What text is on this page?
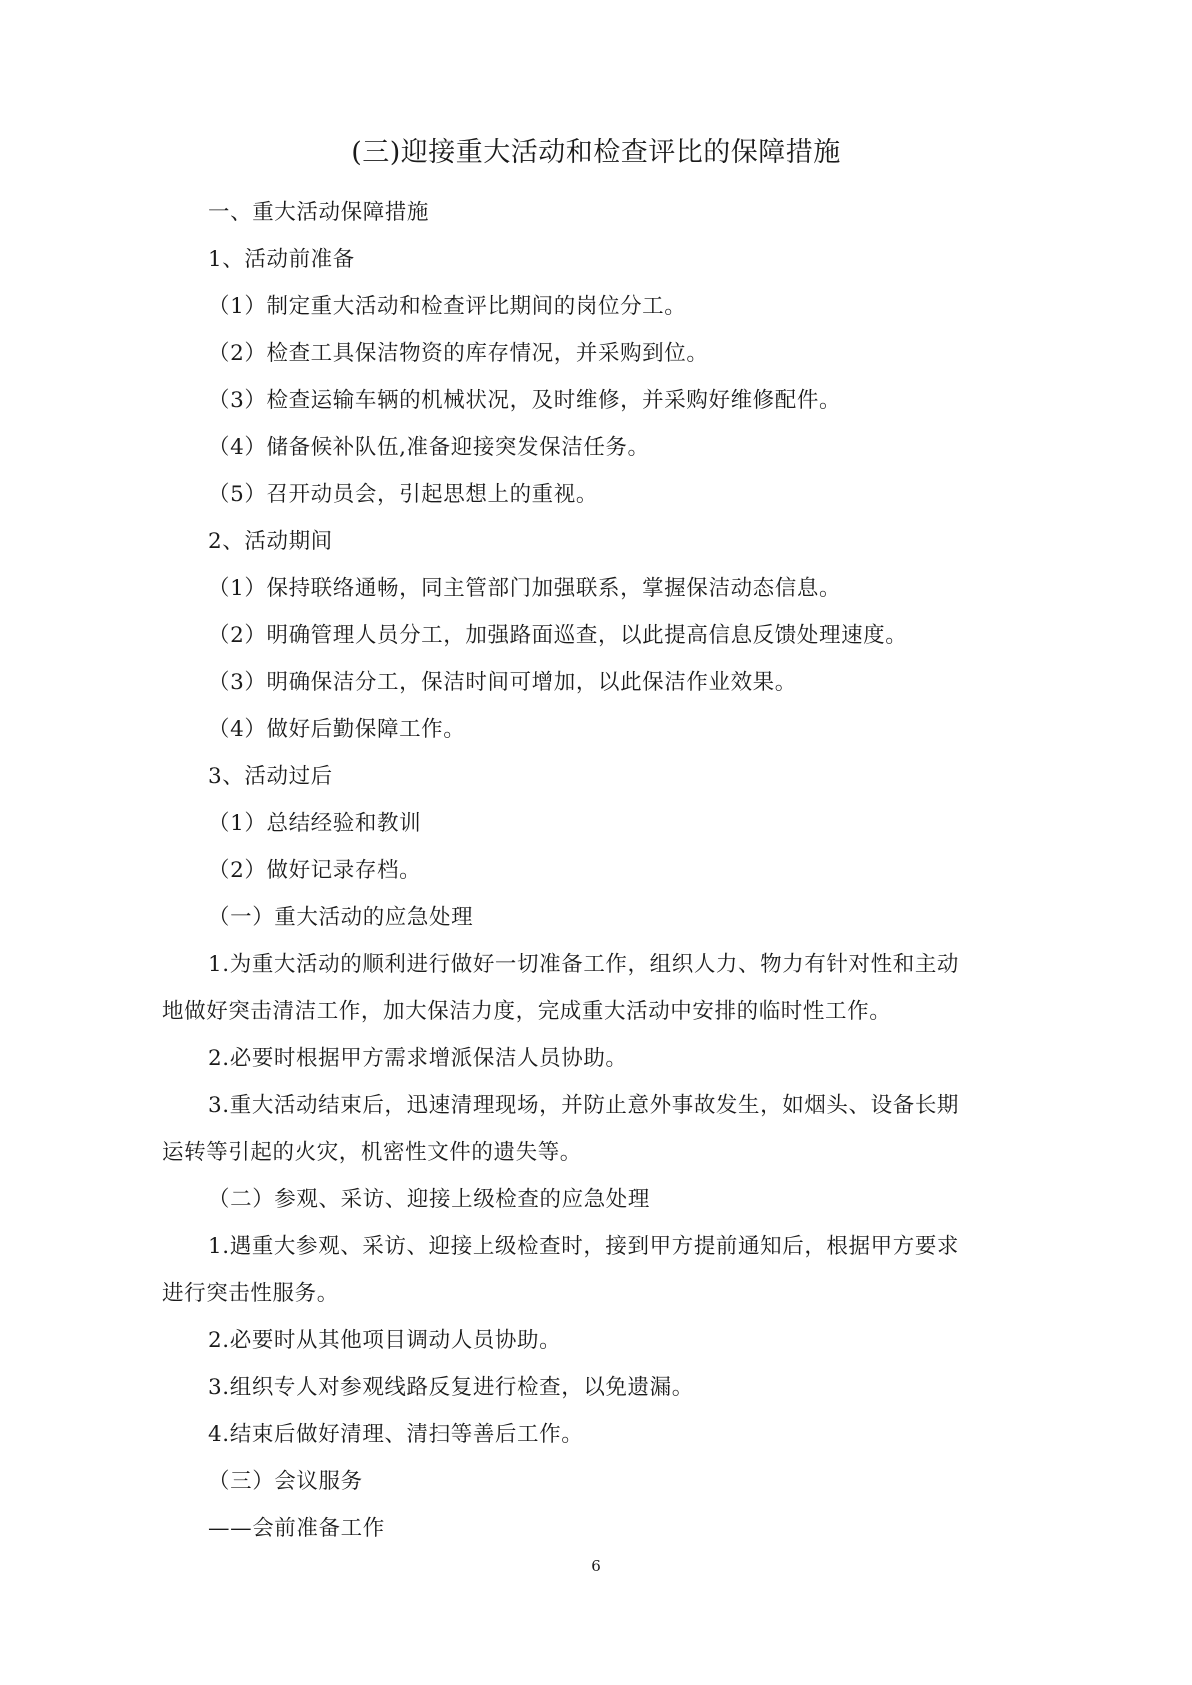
(三)迎接重大活动和检查评比的保障措施
一、重大活动保障措施
1、活动前准备
（1）制定重大活动和检查评比期间的岗位分工。
（2）检查工具保洁物资的库存情况，并采购到位。
（3）检查运输车辆的机械状况，及时维修，并采购好维修配件。
（4）储备候补队伍,准备迎接突发保洁任务。
（5）召开动员会，引起思想上的重视。
2、活动期间
（1）保持联络通畅，同主管部门加强联系，掌握保洁动态信息。
（2）明确管理人员分工，加强路面巡查，以此提高信息反馈处理速度。
（3）明确保洁分工，保洁时间可增加，以此保洁作业效果。
（4）做好后勤保障工作。
3、活动过后
（1）总结经验和教训
（2）做好记录存档。
（一）重大活动的应急处理
1.为重大活动的顺利进行做好一切准备工作，组织人力、物力有针对性和主动
地做好突击清洁工作，加大保洁力度，完成重大活动中安排的临时性工作。
2.必要时根据甲方需求增派保洁人员协助。
3.重大活动结束后，迅速清理现场，并防止意外事故发生，如烟头、设备长期
运转等引起的火灾，机密性文件的遗失等。
（二）参观、采访、迎接上级检查的应急处理
1.遇重大参观、采访、迎接上级检查时，接到甲方提前通知后，根据甲方要求
进行突击性服务。
2.必要时从其他项目调动人员协助。
3.组织专人对参观线路反复进行检查，以免遗漏。
4.结束后做好清理、清扫等善后工作。
（三）会议服务
——会前准备工作
6
